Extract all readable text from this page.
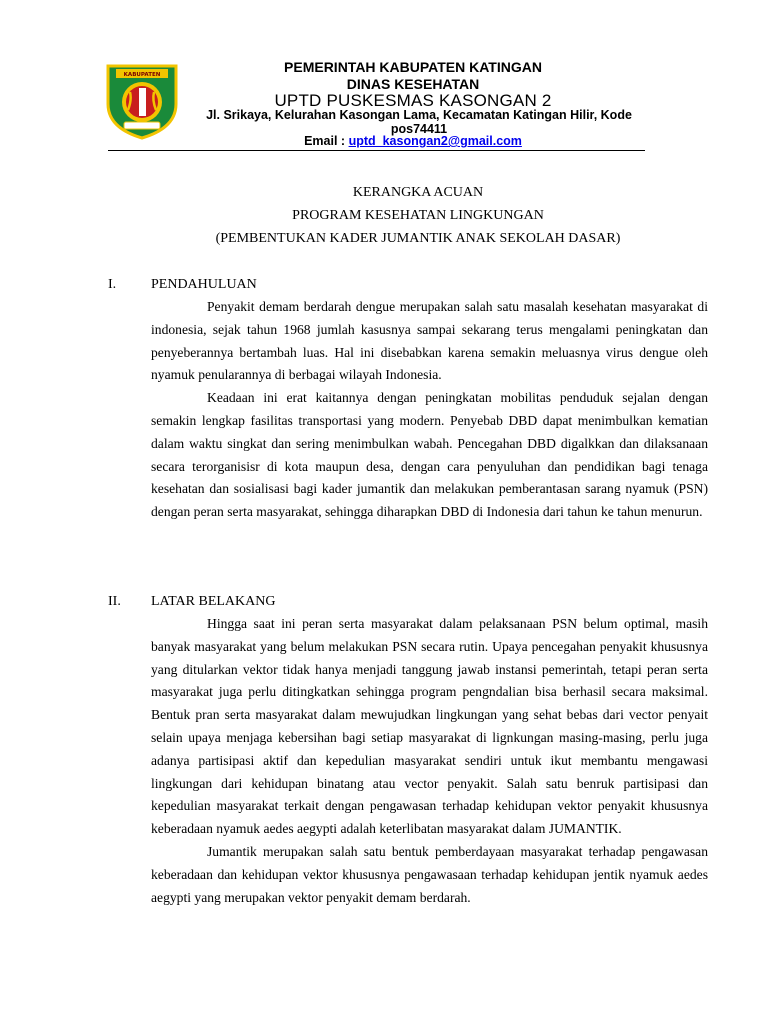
KABUPATEN	PEMERINTAH KABUPATEN KATINGAN
DINAS KESEHATAN
UPTD PUSKESMAS KASONGAN 2
Jl. Srikaya, Kelurahan Kasongan Lama, Kecamatan Katingan Hilir, Kode pos74411
Email : uptd_kasongan2@gmail.com
KERANGKA ACUAN
PROGRAM KESEHATAN LINGKUNGAN
(PEMBENTUKAN KADER JUMANTIK ANAK SEKOLAH DASAR)
I. PENDAHULUAN

Penyakit demam berdarah dengue merupakan salah satu masalah kesehatan masyarakat di indonesia, sejak tahun 1968 jumlah kasusnya sampai sekarang terus mengalami peningkatan dan penyeberannya bertambah luas. Hal ini disebabkan karena semakin meluasnya virus dengue oleh nyamuk penularannya di berbagai wilayah Indonesia.

Keadaan ini erat kaitannya dengan peningkatan mobilitas penduduk sejalan dengan semakin lengkap fasilitas transportasi yang modern. Penyebab DBD dapat menimbulkan kematian dalam waktu singkat dan sering menimbulkan wabah. Pencegahan DBD digalkkan dan dilaksanaan secara terorganisisr di kota maupun desa, dengan cara penyuluhan dan pendidikan bagi tenaga kesehatan dan sosialisasi bagi kader jumantik dan melakukan pemberantasan sarang nyamuk (PSN) dengan peran serta masyarakat, sehingga diharapkan DBD di Indonesia dari tahun ke tahun menurun.

II. LATAR BELAKANG

Hingga saat ini peran serta masyarakat dalam pelaksanaan PSN belum optimal, masih banyak masyarakat yang belum melakukan PSN secara rutin. Upaya pencegahan penyakit khususnya yang ditularkan vektor tidak hanya menjadi tanggung jawab instansi pemerintah, tetapi peran serta masyarakat juga perlu ditingkatkan sehingga program pengndalian bisa berhasil secara maksimal. Bentuk pran serta masyarakat dalam mewujudkan lingkungan yang sehat bebas dari vector penyait selain upaya menjaga kebersihan bagi setiap masyarakat di lignkungan masing-masing, perlu juga adanya partisipasi aktif dan kepedulian masyarakat sendiri untuk ikut membantu mengawasi lingkungan dari kehidupan binatang atau vector penyakit. Salah satu benruk partisipasi dan kepedulian masyarakat terkait dengan pengawasan terhadap kehidupan vektor penyakit khususnya keberadaan nyamuk aedes aegypti adalah keterlibatan masyarakat dalam JUMANTIK.

Jumantik merupakan salah satu bentuk pemberdayaan masyarakat terhadap pengawasan keberadaan dan kehidupan vektor khususnya pengawasaan terhadap kehidupan jentik nyamuk aedes aegypti yang merupakan vektor penyakit demam berdarah.
